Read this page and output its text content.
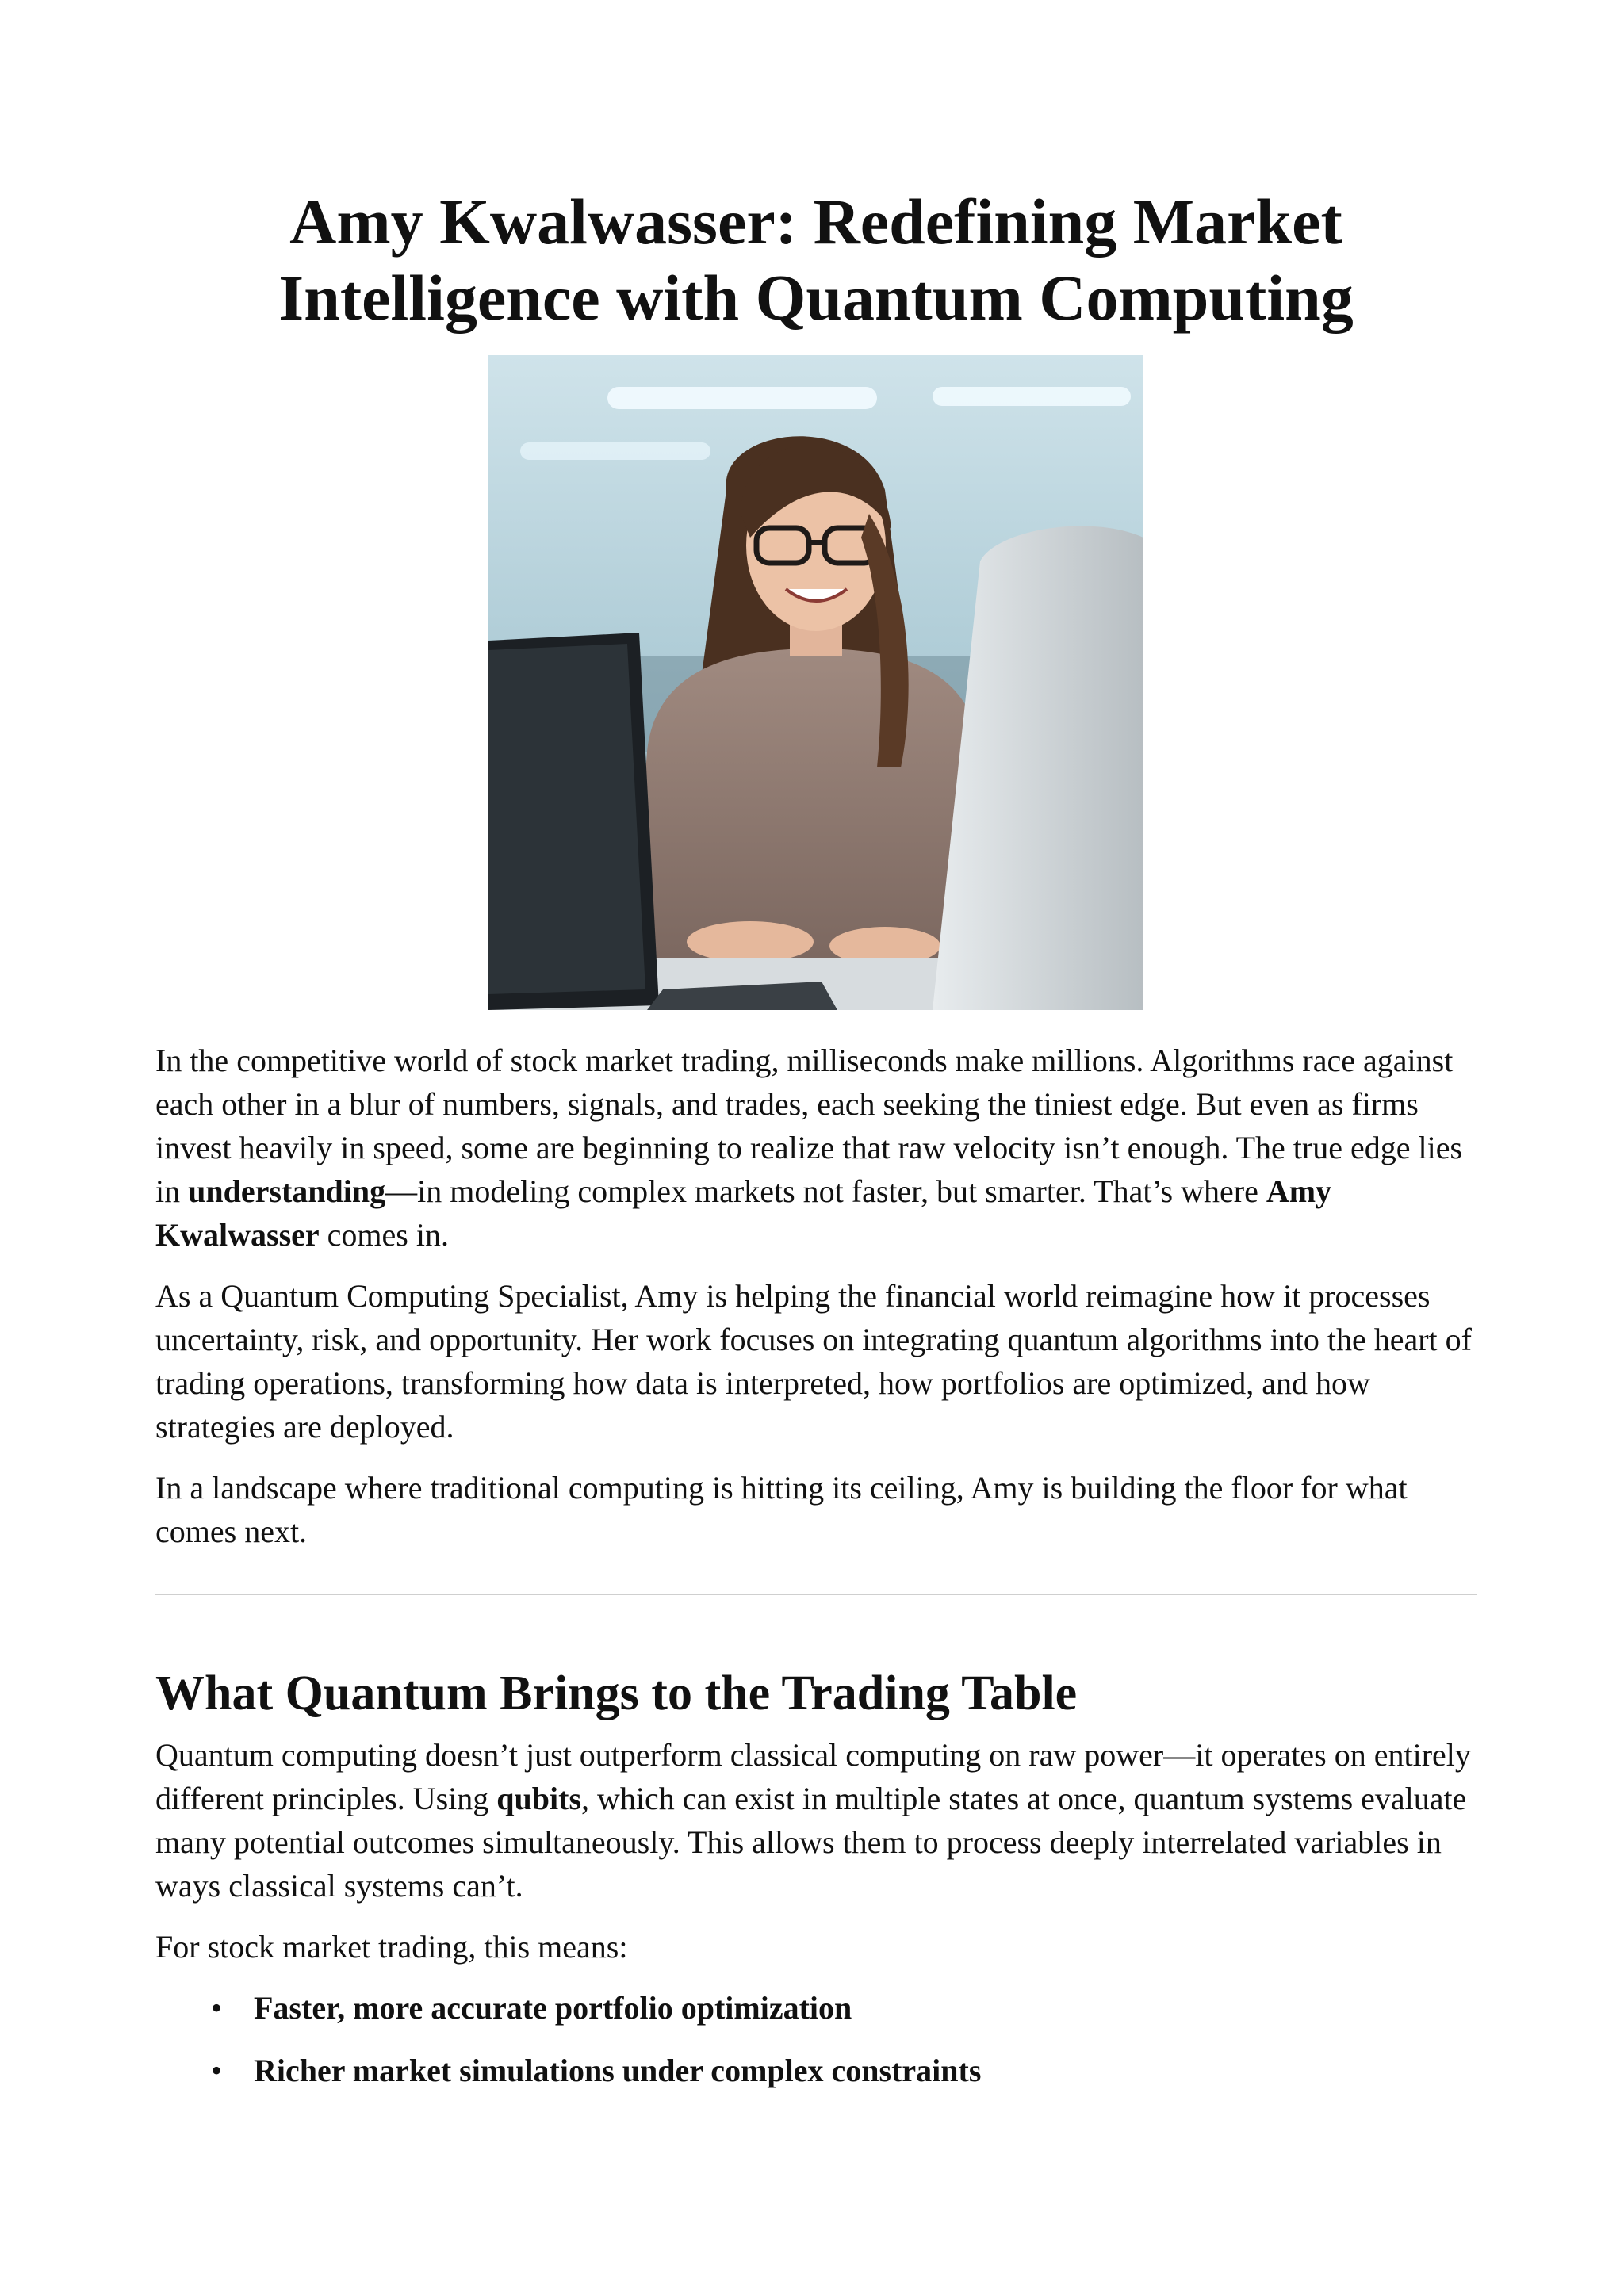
Amy Kwalwasser: Redefining Market Intelligence with Quantum Computing

In the competitive world of stock market trading, milliseconds make millions. Algorithms race against each other in a blur of numbers, signals, and trades, each seeking the tiniest edge. But even as firms invest heavily in speed, some are beginning to realize that raw velocity isn’t enough. The true edge lies in understanding—in modeling complex markets not faster, but smarter. That’s where Amy Kwalwasser comes in.

As a Quantum Computing Specialist, Amy is helping the financial world reimagine how it processes uncertainty, risk, and opportunity. Her work focuses on integrating quantum algorithms into the heart of trading operations, transforming how data is interpreted, how portfolios are optimized, and how strategies are deployed.

In a landscape where traditional computing is hitting its ceiling, Amy is building the floor for what comes next.

What Quantum Brings to the Trading Table

Quantum computing doesn’t just outperform classical computing on raw power—it operates on entirely different principles. Using qubits, which can exist in multiple states at once, quantum systems evaluate many potential outcomes simultaneously. This allows them to process deeply interrelated variables in ways classical systems can’t.

For stock market trading, this means:

• Faster, more accurate portfolio optimization
• Richer market simulations under complex constraints
